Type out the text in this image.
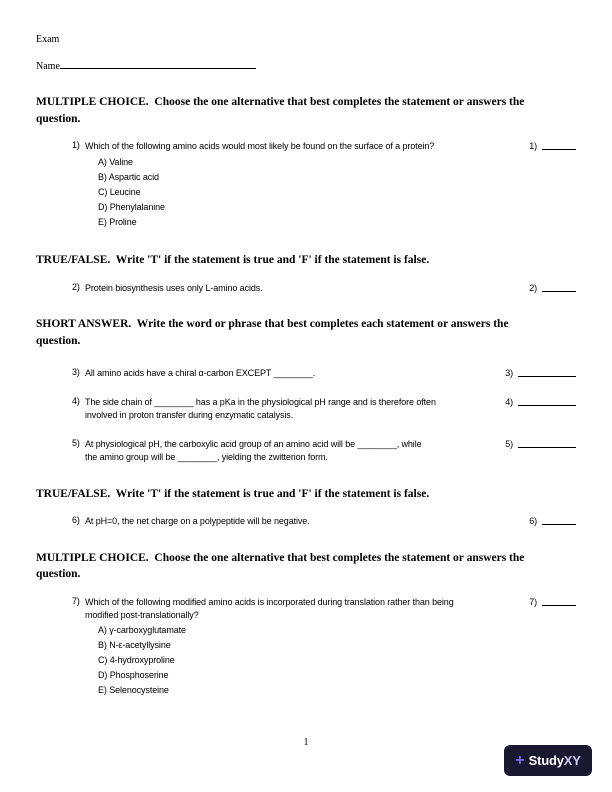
Exam
Name
MULTIPLE CHOICE.  Choose the one alternative that best completes the statement or answers the
question.
1) Which of the following amino acids would most likely be found on the surface of a protein?
A) Valine
B) Aspartic acid
C) Leucine
D) Phenylalanine
E) Proline
1)
TRUE/FALSE.  Write 'T' if the statement is true and 'F' if the statement is false.
2) Protein biosynthesis uses only L-amino acids.	2)
SHORT ANSWER.  Write the word or phrase that best completes each statement or answers the
question.
3) All amino acids have a chiral α-carbon EXCEPT ________.	3)
4) The side chain of ________ has a pKa in the physiological pH range and is therefore often
involved in proton transfer during enzymatic catalysis.
4)
5) At physiological pH, the carboxylic acid group of an amino acid will be ________, while
the amino group will be ________, yielding the zwitterion form.
5)
TRUE/FALSE.  Write 'T' if the statement is true and 'F' if the statement is false.
6) At pH=0, the net charge on a polypeptide will be negative.	6)
MULTIPLE CHOICE.  Choose the one alternative that best completes the statement or answers the
question.
7) Which of the following modified amino acids is incorporated during translation rather than being
modified post-translationally?
A) γ-carboxyglutamate
B) N-ε-acetyllysine
C) 4-hydroxyproline
D) Phosphoserine
E) Selenocysteine
7)
1
+ StudyXY
